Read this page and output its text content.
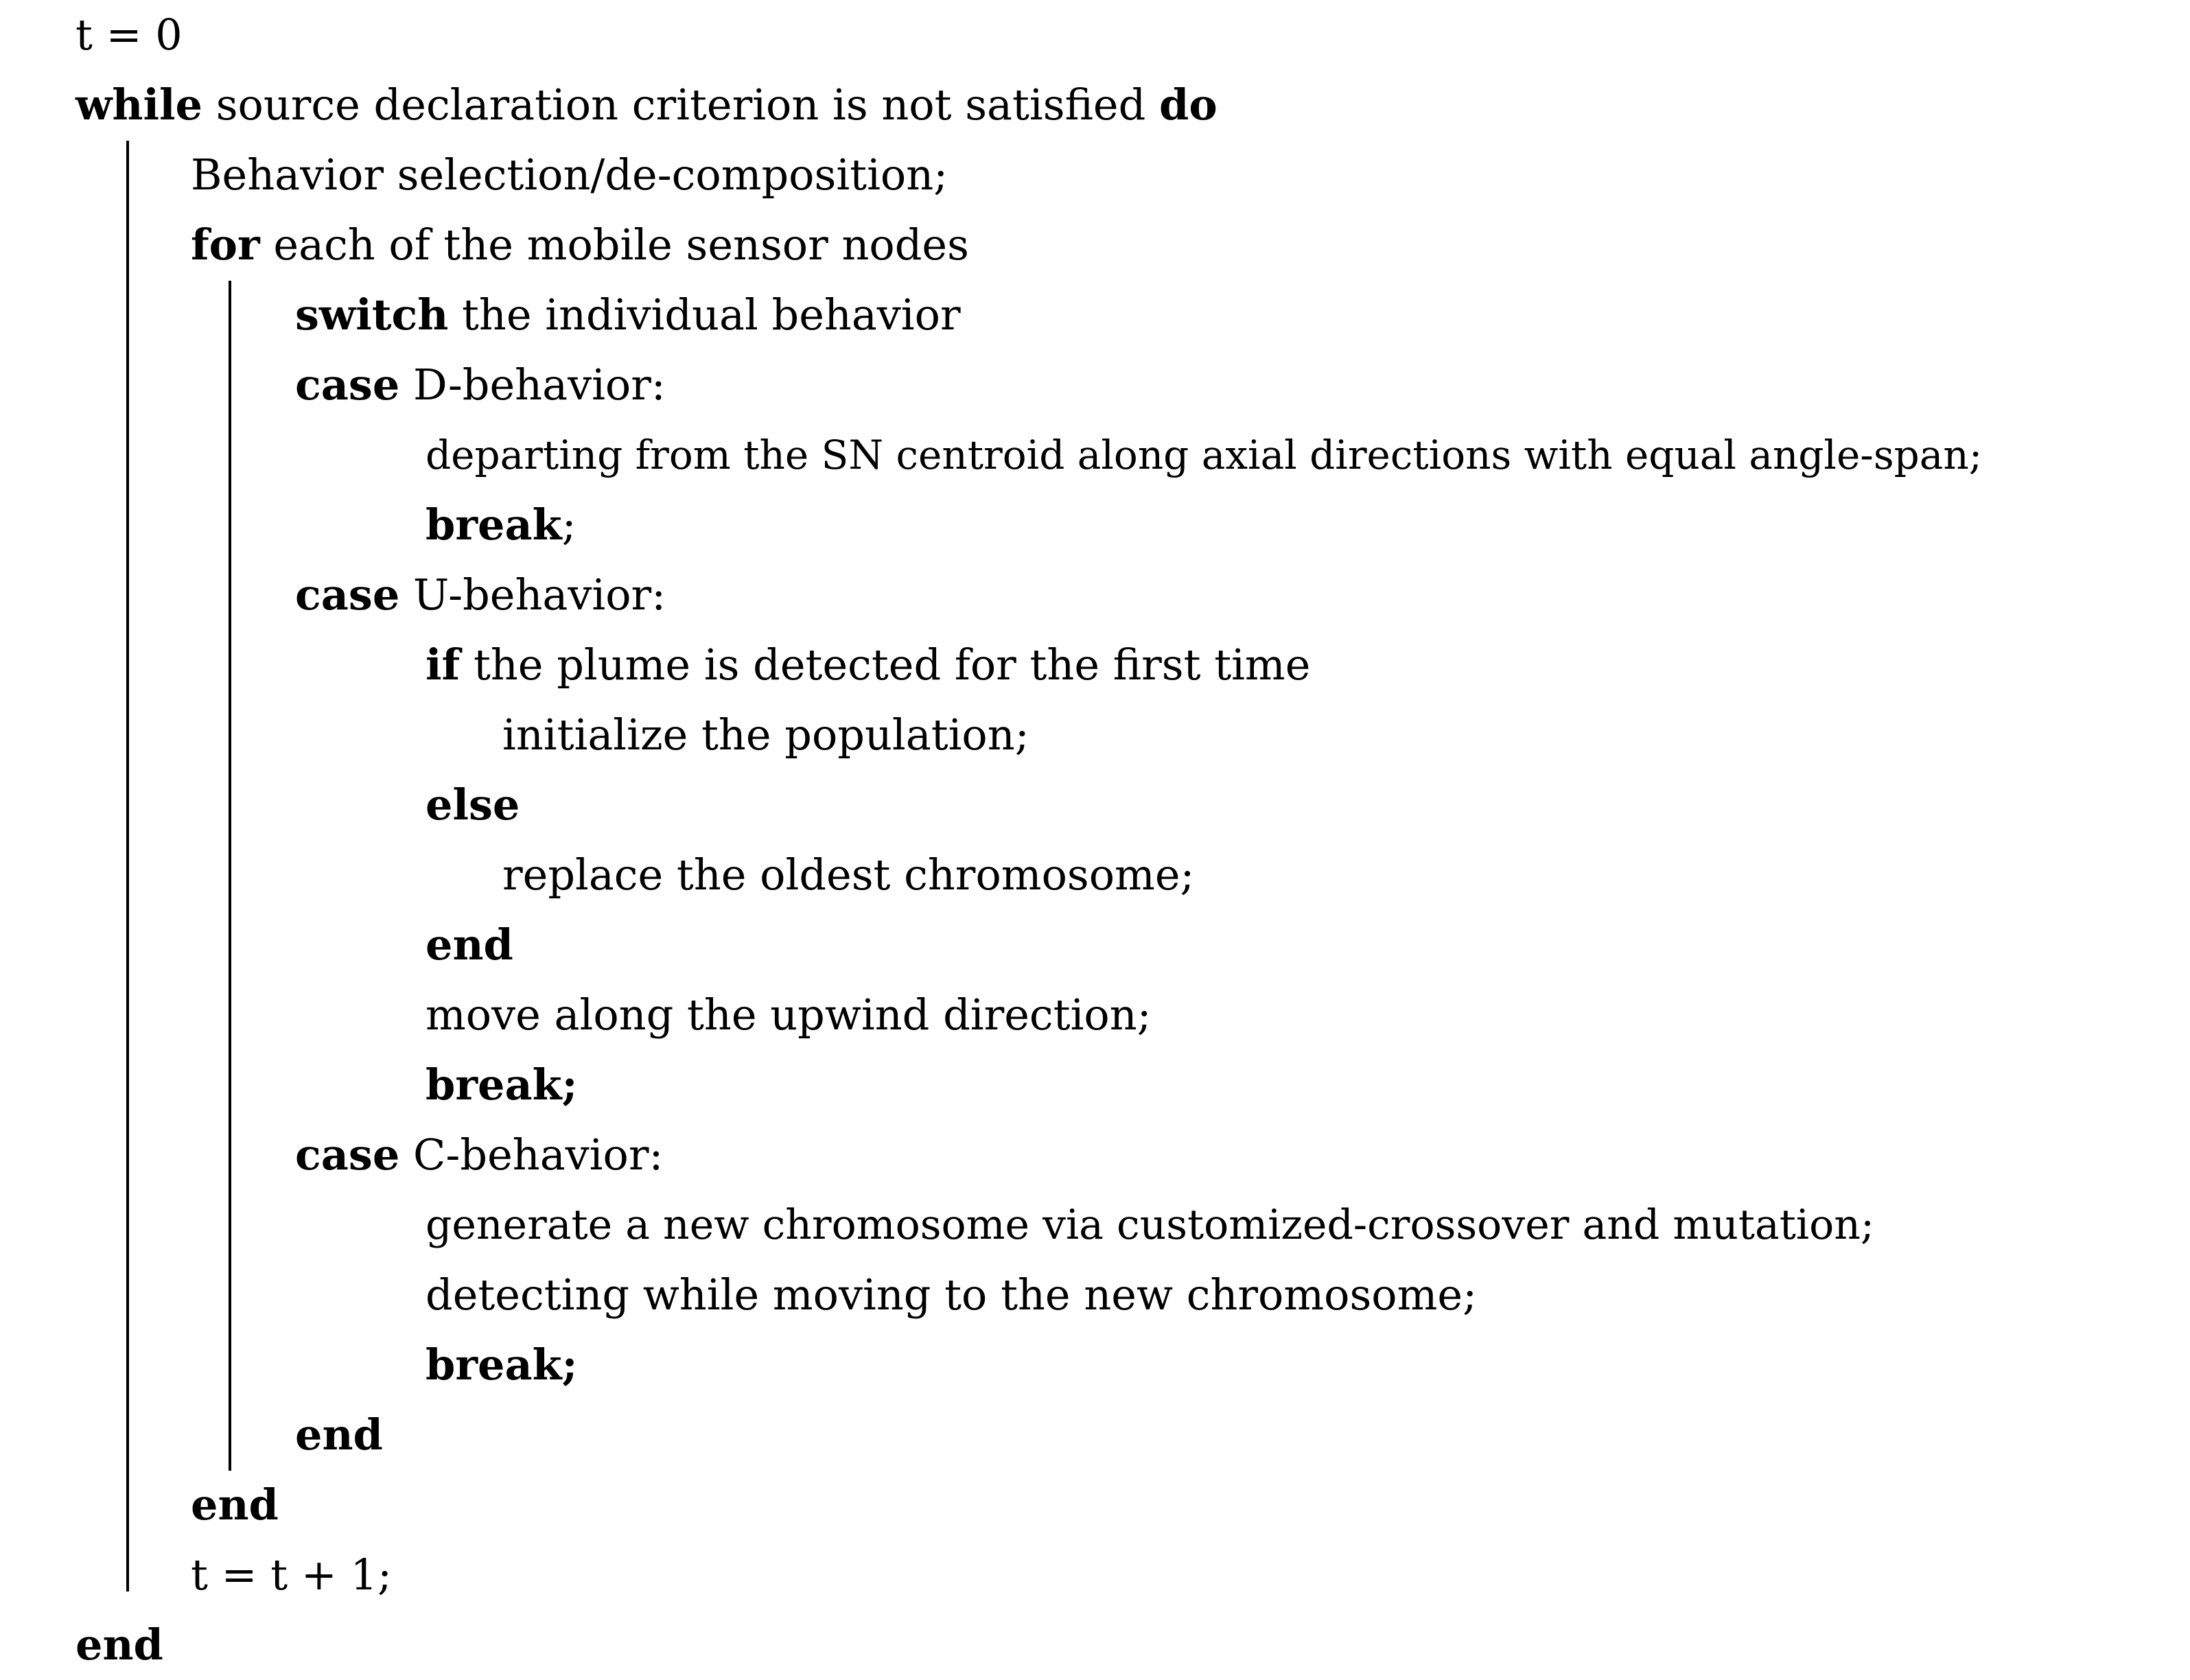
t = 0
while source declaration criterion is not satisfied do
Behavior selection/de-composition;
for each of the mobile sensor nodes
switch the individual behavior
case D-behavior:
departing from the SN centroid along axial directions with equal angle-span;
break;
case U-behavior:
if the plume is detected for the first time
initialize the population;
else
replace the oldest chromosome;
end
move along the upwind direction;
break;
case C-behavior:
generate a new chromosome via customized-crossover and mutation;
detecting while moving to the new chromosome;
break;
end
end
t = t + 1;
end
